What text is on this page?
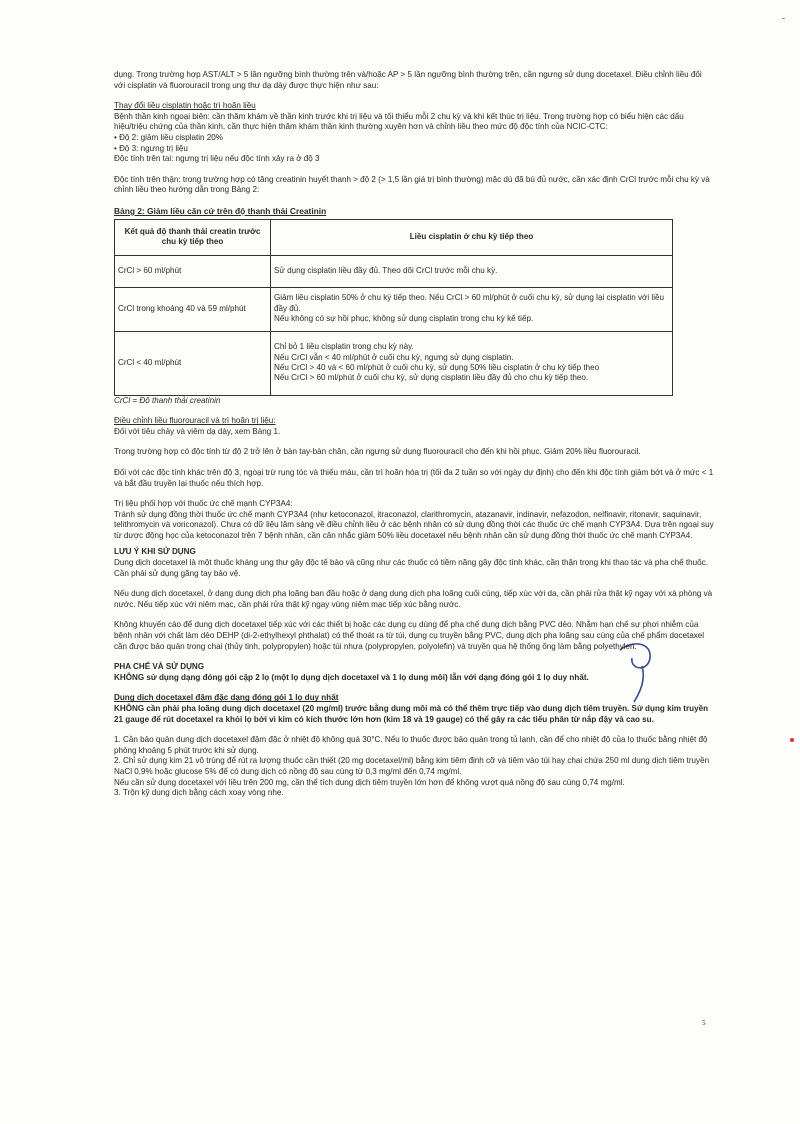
dụng. Trong trường hợp AST/ALT > 5 lần ngưỡng bình thường trên và/hoặc AP > 5 lần ngưỡng bình thường trên, cần ngưng sử dụng docetaxel. Điều chỉnh liều đối với cisplatin và fluorouracil trong ung thư dạ dày được thực hiện như sau:

Thay đổi liều cisplatin hoặc trì hoãn liều

Bệnh thần kinh ngoại biên: cần thăm khám về thần kinh trước khi trị liệu và tối thiểu mỗi 2 chu kỳ và khi kết thúc trị liệu. Trong trường hợp có biểu hiện các dấu hiệu/triệu chứng của thần kinh, cần thực hiện thăm khám thần kinh thường xuyên hơn và chỉnh liều theo mức độ độc tính của NCIC-CTC:

• Độ 2: giảm liều cisplatin 20%

• Độ 3: ngưng trị liệu

Độc tính trên tai: ngưng trị liệu nếu độc tính xảy ra ở độ 3

Độc tính trên thận: trong trường hợp có tăng creatinin huyết thanh > độ 2 (> 1,5 lần giá trị bình thường) mặc dù đã bù đủ nước, cần xác định CrCl trước mỗi chu kỳ và chỉnh liều theo hướng dẫn trong Bảng 2:

Bảng 2: Giảm liều căn cứ trên độ thanh thải Creatinin

Kết quả độ thanh thải creatin trước chu kỳ tiếp theo	Liều cisplatin ở chu kỳ tiếp theo
CrCl > 60 ml/phút	Sử dụng cisplatin liều đầy đủ. Theo dõi CrCl trước mỗi chu kỳ.
CrCl trong khoảng 40 và 59 ml/phút	Giảm liều cisplatin 50% ở chu kỳ tiếp theo. Nếu CrCl > 60 ml/phút ở cuối chu kỳ, sử dụng lại cisplatin với liều đầy đủ.

Nếu không có sự hồi phục, không sử dụng cisplatin trong chu kỳ kế tiếp.

CrCl < 40 ml/phút	Chỉ bỏ 1 liều cisplatin trong chu kỳ này.

Nếu CrCl vẫn < 40 ml/phút ở cuối chu kỳ, ngưng sử dụng cisplatin.

Nếu CrCl > 40 và < 60 ml/phút ở cuối chu kỳ, sử dụng 50% liều cisplatin ở chu kỳ tiếp theo

Nếu CrCl > 60 ml/phút ở cuối chu kỳ, sử dụng cisplatin liều đầy đủ cho chu kỳ tiếp theo.

CrCl = Độ thanh thải creatinin

Điều chỉnh liều fluorouracil và trì hoãn trị liệu:

Đối với tiêu chảy và viêm dạ dày, xem Bảng 1.

Trong trường hợp có độc tính từ độ 2 trở lên ở bàn tay-bàn chân, cần ngưng sử dụng fluorouracil cho đến khi hồi phục. Giảm 20% liều fluorouracil.

Đối với các độc tính khác trên độ 3, ngoại trừ rụng tóc và thiếu máu, cần trì hoãn hóa trị (tối đa 2 tuần so với ngày dự định) cho đến khi độc tính giảm bớt và ở mức < 1 và bắt đầu truyền lại thuốc nếu thích hợp.

Trị liệu phối hợp với thuốc ức chế mạnh CYP3A4:

Tránh sử dụng đồng thời thuốc ức chế mạnh CYP3A4 (như ketoconazol, itraconazol, clarithromycin, atazanavir, indinavir, nefazodon, nelfinavir, ritonavir, saquinavir, telithromycin và voriconazol). Chưa có dữ liệu lâm sàng về điều chỉnh liều ở các bệnh nhân có sử dụng đồng thời các thuốc ức chế mạnh CYP3A4. Dựa trên ngoại suy từ dược động học của ketoconazol trên 7 bệnh nhân, cần cân nhắc giảm 50% liều docetaxel nếu bệnh nhân cần sử dụng đồng thời thuốc ức chế mạnh CYP3A4.

LƯU Ý KHI SỬ DỤNG

Dung dịch docetaxel là một thuốc kháng ung thư gây độc tế bào và cũng như các thuốc có tiềm năng gây độc tính khác, cần thận trọng khi thao tác và pha chế thuốc. Cần phải sử dụng găng tay bảo vệ.

Nếu dung dịch docetaxel, ở dạng dung dịch pha loãng ban đầu hoặc ở dạng dung dịch pha loãng cuối cùng, tiếp xúc với da, cần phải rửa thật kỹ ngay với xà phòng và nước. Nếu tiếp xúc với niêm mạc, cần phải rửa thật kỹ ngay vùng niêm mạc tiếp xúc bằng nước.

Không khuyến cáo để dung dịch docetaxel tiếp xúc với các thiết bị hoặc các dụng cụ dùng để pha chế dung dịch bằng PVC dẻo. Nhằm hạn chế sự phơi nhiễm của bệnh nhân với chất làm dẻo DEHP (di-2-ethylhexyl phthalat) có thể thoát ra từ túi, dụng cụ truyền bằng PVC, dung dịch pha loãng sau cùng của chế phẩm docetaxel cần được bảo quản trong chai (thủy tinh, polypropylen) hoặc túi nhựa (polypropylen, polyolefin) và truyền qua hệ thống ống làm bằng polyethylen.

PHA CHẾ VÀ SỬ DỤNG

KHÔNG sử dụng dạng đóng gói cặp 2 lọ (một lọ dụng dịch docetaxel và 1 lọ dung môi) lẫn với dạng đóng gói 1 lọ duy nhất.

Dung dịch docetaxel đậm đặc dạng đóng gói 1 lọ duy nhất

KHÔNG cần phải pha loãng dung dịch docetaxel (20 mg/ml) trước bằng dung môi mà có thể thêm trực tiếp vào dung dịch tiêm truyền. Sử dụng kim truyền 21 gauge để rút docetaxel ra khỏi lọ bởi vì kim có kích thước lớn hơn (kim 18 và 19 gauge) có thể gây ra các tiểu phân từ nắp đậy và cao su.

1. Cần bảo quản dung dịch docetaxel đậm đặc ở nhiệt độ không quá 30°C. Nếu lọ thuốc được bảo quản trong tủ lạnh, cần để cho nhiệt độ của lọ thuốc bằng nhiệt độ phòng khoảng 5 phút trước khi sử dụng.

2. Chỉ sử dụng kim 21 vô trùng để rút ra lượng thuốc cần thiết (20 mg docetaxel/ml) bằng kim tiêm định cỡ và tiêm vào túi hay chai chứa 250 ml dung dịch tiêm truyền NaCl 0,9% hoặc glucose 5% để có dung dịch có nồng độ sau cùng từ 0,3 mg/ml đến 0,74 mg/ml.

Nếu cần sử dụng docetaxel với liều trên 200 mg, cần thể tích dung dịch tiêm truyền lớn hơn để không vượt quá nồng độ sau cùng 0,74 mg/ml.

3. Trộn kỹ dung dịch bằng cách xoay vòng nhẹ.

5
